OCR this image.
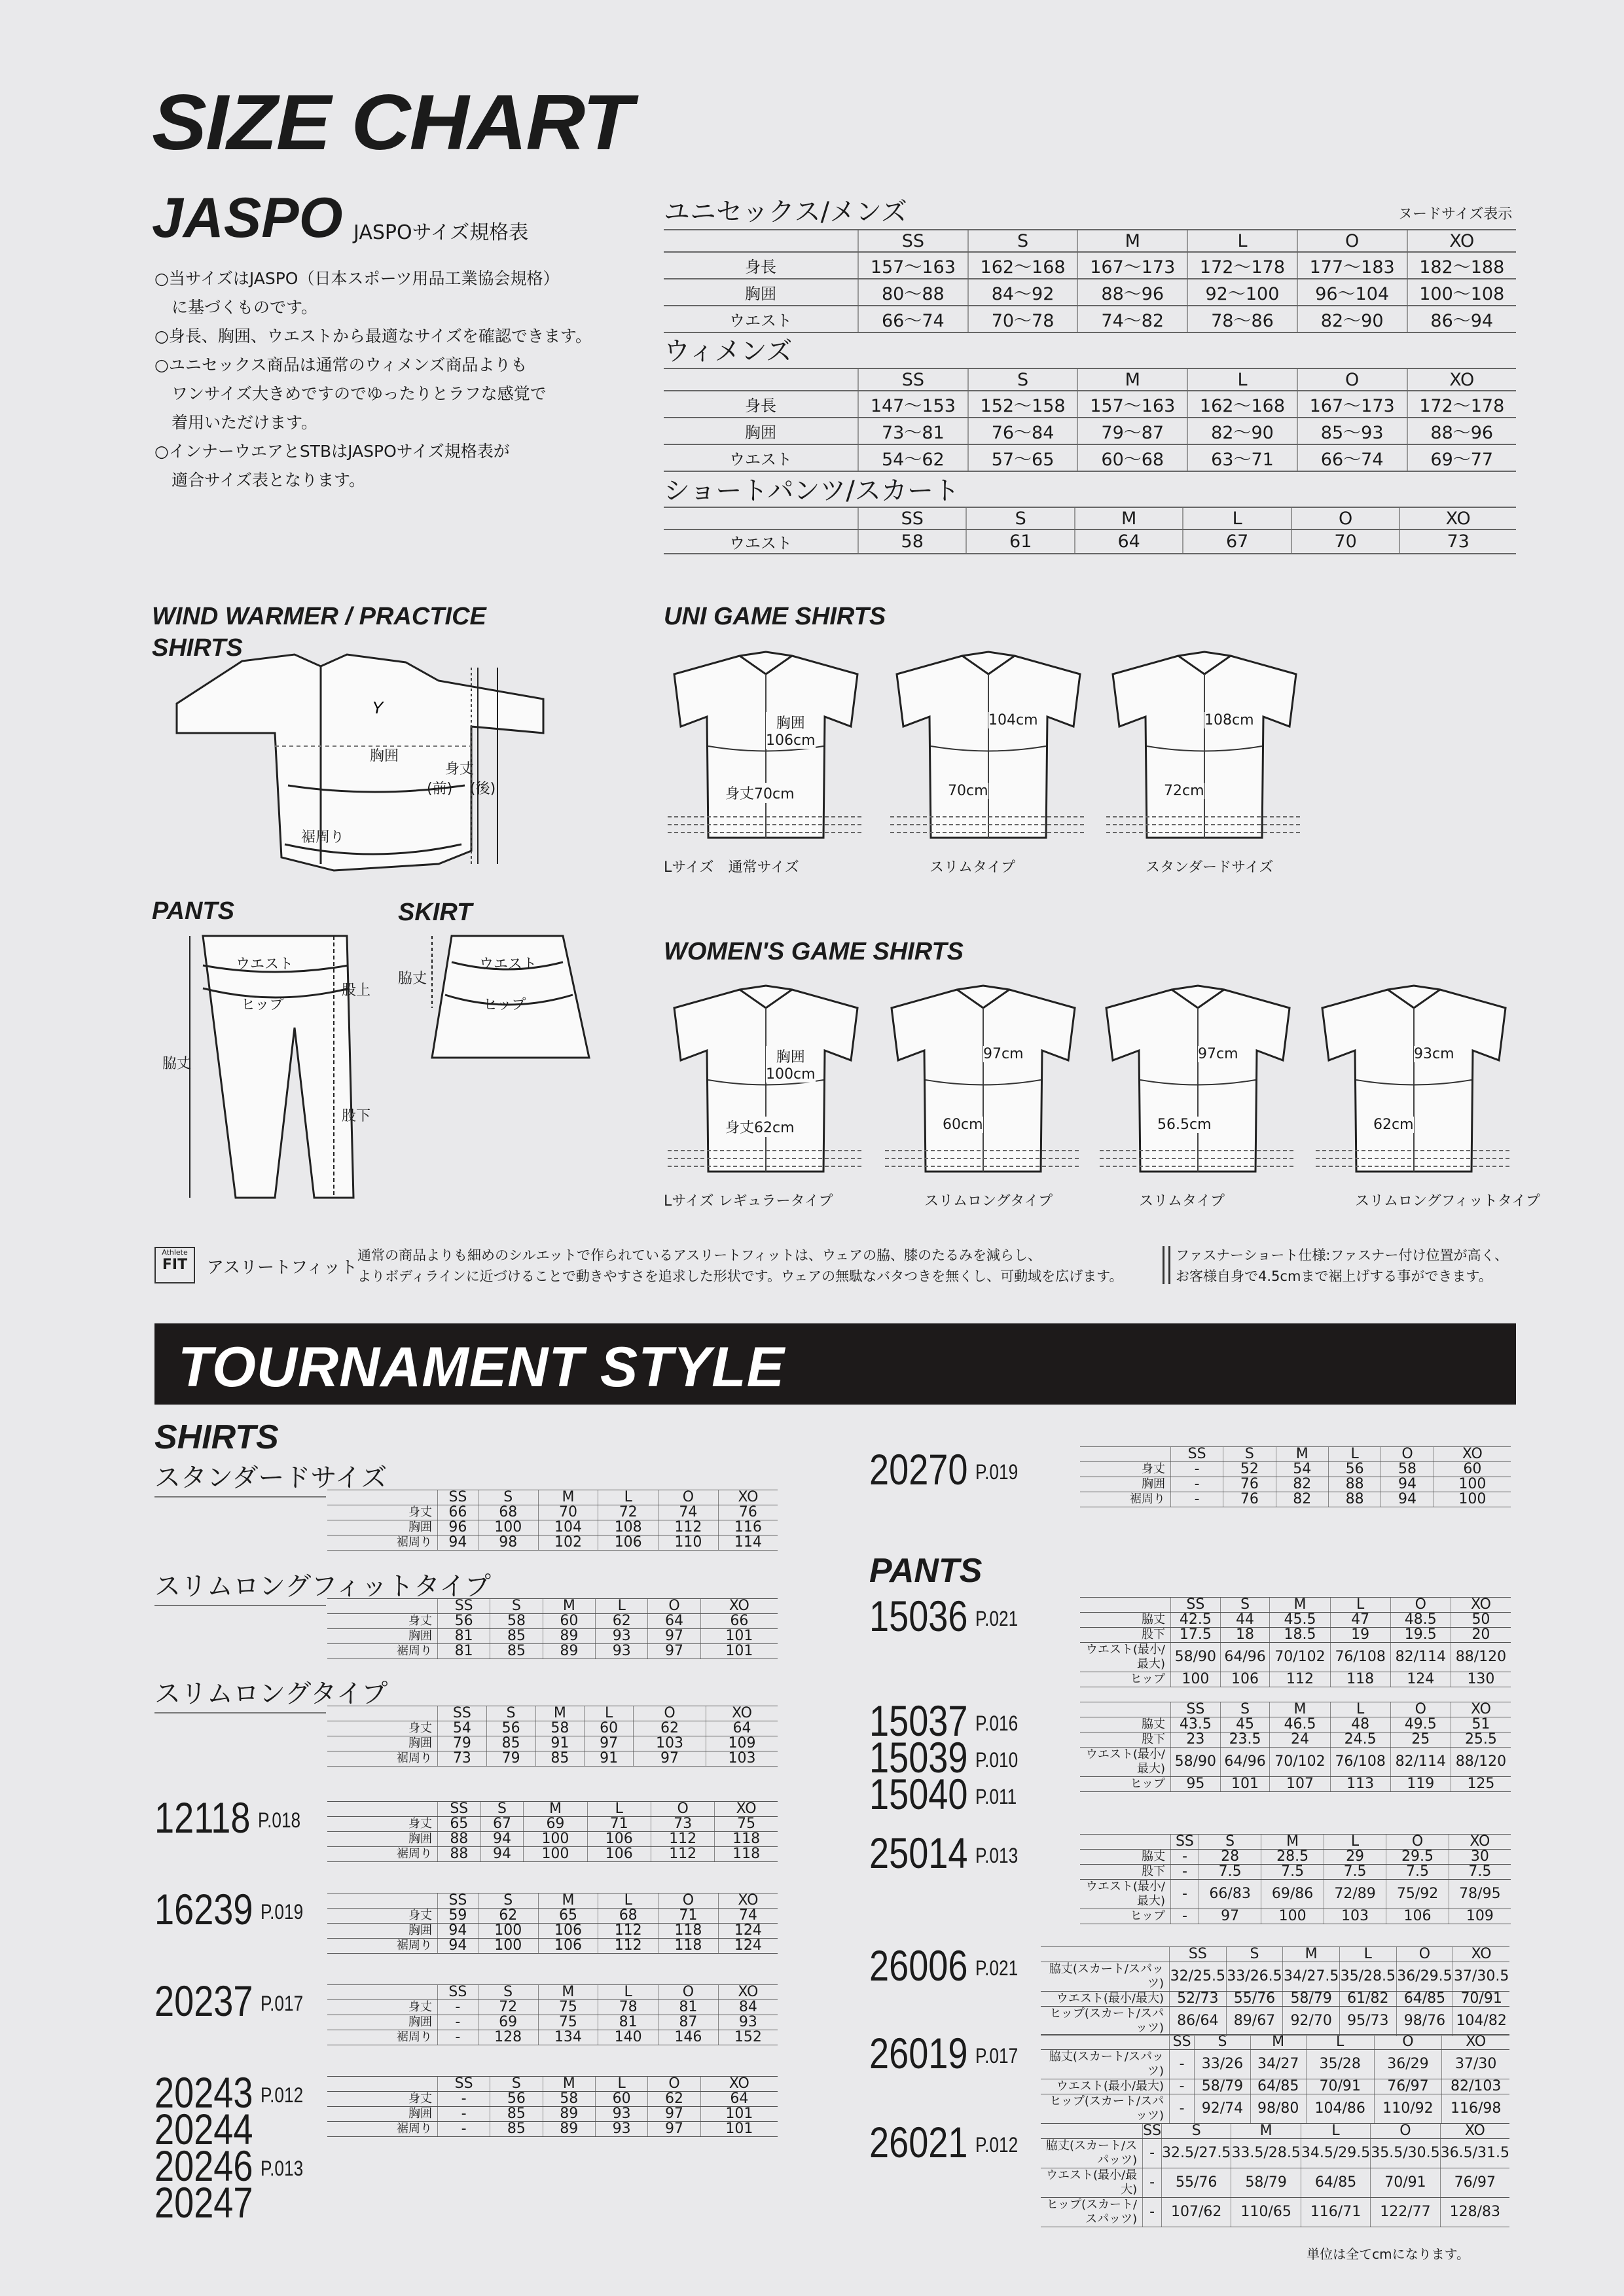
SIZE CHART
JASPO JASPOサイズ規格表

○当サイズはJASPO（日本スポーツ用品工業協会規格）

に基づくものです。

○身長、胸囲、ウエストから最適なサイズを確認できます。

○ユニセックス商品は通常のウィメンズ商品よりも

ワンサイズ大きめですのでゆったりとラフな感覚で

着用いただけます。

○インナーウエアとSTBはJASPOサイズ規格表が

適合サイズ表となります。

ユニセックス/メンズ	ヌードサイズ表示
	SS	S	M	L	O	XO
身長	157～163	162～168	167～173	172～178	177～183	182～188
胸囲	80～88	84～92	88～96	92～100	96～104	100～108
ウエスト	66～74	70～78	74～82	78～86	82～90	86～94
ウィメンズ
	SS	S	M	L	O	XO
身長	147～153	152～158	157～163	162～168	167～173	172～178
胸囲	73～81	76～84	79～87	82～90	85～93	88～96
ウエスト	54～62	57～65	60～68	63～71	66～74	69～77
ショートパンツ/スカート
	SS	S	M	L	O	XO
ウエスト	58	61	64	67	70	73
WIND WARMER / PRACTICE SHIRTS
Y
胸囲
裾周り
身丈
(前) (後)
PANTS
ウエスト
ヒップ
股上
股下
脇丈
SKIRT
ウエスト
ヒップ
脇丈
UNI GAME SHIRTS
胸囲
106cm
身丈70cm
Lサイズ　通常サイズ
104cm
70cm
スリムタイプ
108cm
72cm
スタンダードサイズ
WOMEN'S GAME SHIRTS
胸囲
100cm
身丈62cm
Lサイズ レギュラータイプ
97cm
60cm
スリムロングタイプ
97cm
56.5cm
スリムタイプ
93cm
62cm
スリムロングフィットタイプ
Athlete
FIT	アスリートフィット
通常の商品よりも細めのシルエットで作られているアスリートフィットは、ウェアの脇、膝のたるみを減らし、
よりボディラインに近づけることで動きやすさを追求した形状です。ウェアの無駄なバタつきを無くし、可動域を広げます。
ファスナーショート仕様:ファスナー付け位置が高く、
お客様自身で4.5cmまで裾上げする事ができます。
TOURNAMENT STYLE
SHIRTS
PANTS
スタンダードサイズ
	SS	S	M	L	O	XO
身丈	66	68	70	72	74	76
胸囲	96	100	104	108	112	116
裾周り	94	98	102	106	110	114
スリムロングフィットタイプ
	SS	S	M	L	O	XO
身丈	56	58	60	62	64	66
胸囲	81	85	89	93	97	101
裾周り	81	85	89	93	97	101
スリムロングタイプ
	SS	S	M	L	O	XO
身丈	54	56	58	60	62	64
胸囲	79	85	91	97	103	109
裾周り	73	79	85	91	97	103
12118 $^{P.018}$
		SS	S	M	L	O	XO
身丈	65	67	69	71	73	75
胸囲	88	94	100	106	112	118
裾周り	88	94	100	106	112	118
16239 $^{P.019}$
		SS	S	M	L	O	XO
身丈	59	62	65	68	71	74
胸囲	94	100	106	112	118	124
裾周り	94	100	106	112	118	124
20237 $^{P.017}$
		SS	S	M	L	O	XO
身丈	-	72	75	78	81	84
胸囲	-	69	75	81	87	93
裾周り	-	128	134	140	146	152
20243 $^{P.012}$
20244
20246 $^{P.013}$
20247
	SS	S	M	L	O	XO
身丈	-	56	58	60	62	64
胸囲	-	85	89	93	97	101
裾周り	-	85	89	93	97	101
20270 $^{P.019}$
	SS	S	M	L	O	XO
身丈	-	52	54	56	58	60
胸囲	-	76	82	88	94	100
裾周り	-	76	82	88	94	100
15036 $^{P.021}$
	SS	S	M	L	O	XO
脇丈	42.5	44	45.5	47	48.5	50
股下	17.5	18	18.5	19	19.5	20
ウエスト(最小/最大)	58/90	64/96	70/102	76/108	82/114	88/120
ヒップ	100	106	112	118	124	130
15037 $^{P.016}$
15039 $^{P.010}$
15040 $^{P.011}$
	SS	S	M	L	O	XO
脇丈	43.5	45	46.5	48	49.5	51
股下	23	23.5	24	24.5	25	25.5
ウエスト(最小/最大)	58/90	64/96	70/102	76/108	82/114	88/120
ヒップ	95	101	107	113	119	125
25014 $^{P.013}$
	SS	S	M	L	O	XO
脇丈	-	28	28.5	29	29.5	30
股下	-	7.5	7.5	7.5	7.5	7.5
ウエスト(最小/最大)	-	66/83	69/86	72/89	75/92	78/95
ヒップ	-	97	100	103	106	109
26006 $^{P.021}$
	SS	S	M	L	O	XO
脇丈(スカート/スパッツ)	32/25.5	33/26.5	34/27.5	35/28.5	36/29.5	37/30.5
ウエスト(最小/最大)	52/73	55/76	58/79	61/82	64/85	70/91
ヒップ(スカート/スパッツ)	86/64	89/67	92/70	95/73	98/76	104/82
26019 $^{P.017}$
	SS	S	M	L	O	XO
脇丈(スカート/スパッツ)	-	33/26	34/27	35/28	36/29	37/30
ウエスト(最小/最大)	-	58/79	64/85	70/91	76/97	82/103
ヒップ(スカート/スパッツ)	-	92/74	98/80	104/86	110/92	116/98
26021 $^{P.012}$
	SS	S	M	L	O	XO
脇丈(スカート/スパッツ)	-	32.5/27.5	33.5/28.5	34.5/29.5	35.5/30.5	36.5/31.5
ウエスト(最小/最大)	-	55/76	58/79	64/85	70/91	76/97
ヒップ(スカート/スパッツ)	-	107/62	110/65	116/71	122/77	128/83
単位は全てcmになります。
